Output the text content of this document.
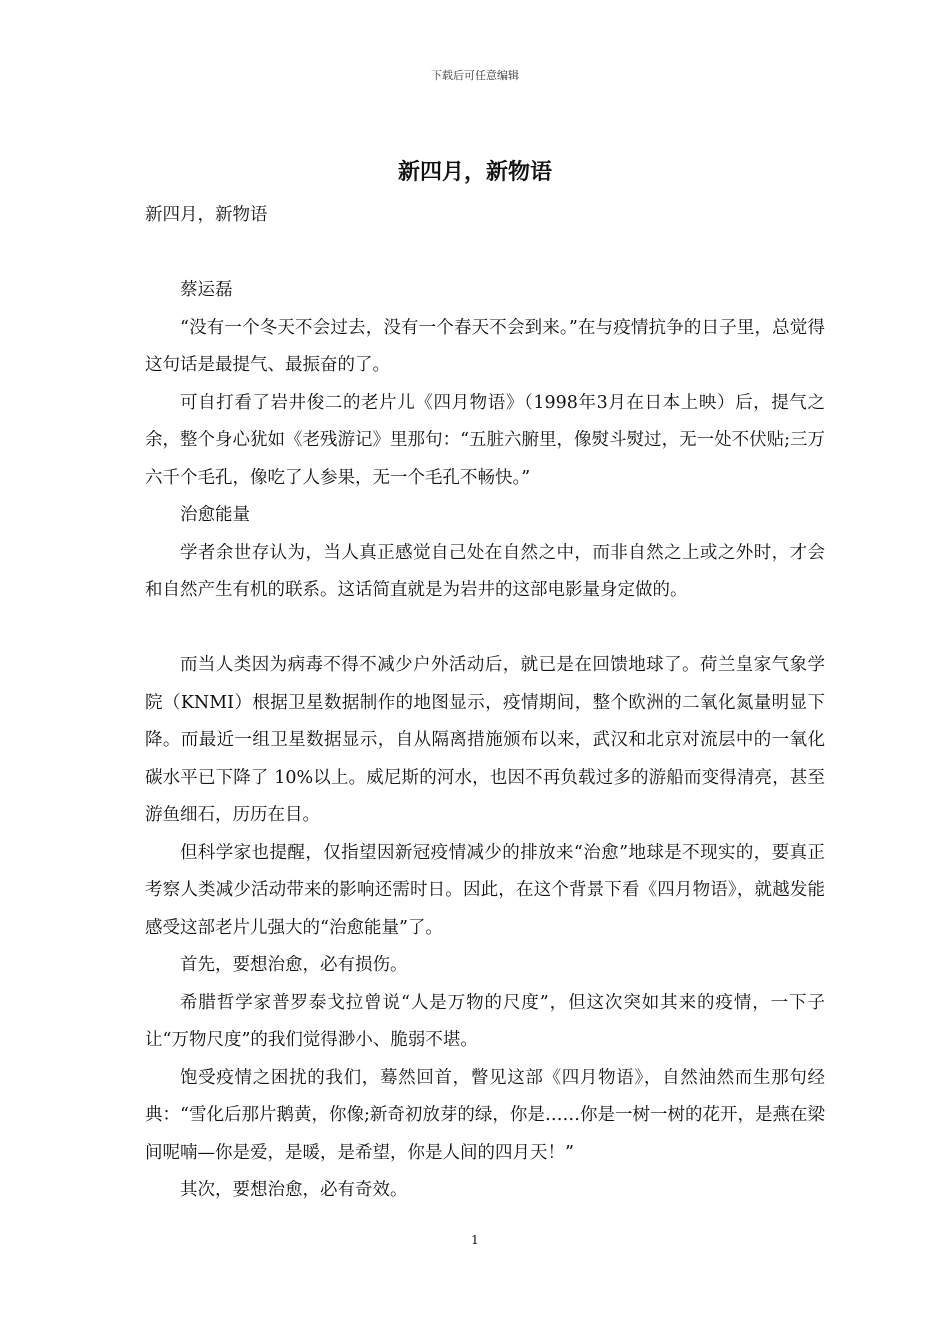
下载后可任意编辑
新四月，新物语

新四月，新物语

蔡运磊

“没有一个冬天不会过去，没有一个春天不会到来。”在与疫情抗争的日子里，总觉得这句话是最提气、最振奋的了。

可自打看了岩井俊二的老片儿《四月物语》（1998年3月在日本上映）后，提气之余，整个身心犹如《老残游记》里那句：“五脏六腑里，像熨斗熨过，无一处不伏贴;三万六千个毛孔，像吃了人参果，无一个毛孔不畅快。”

治愈能量

学者余世存认为，当人真正感觉自己处在自然之中，而非自然之上或之外时，才会和自然产生有机的联系。这话简直就是为岩井的这部电影量身定做的。

而当人类因为病毒不得不减少户外活动后，就已是在回馈地球了。荷兰皇家气象学院（KNMI）根据卫星数据制作的地图显示，疫情期间，整个欧洲的二氧化氮量明显下降。而最近一组卫星数据显示，自从隔离措施颁布以来，武汉和北京对流层中的一氧化碳水平已下降了 10%以上。威尼斯的河水，也因不再负载过多的游船而变得清亮，甚至游鱼细石，历历在目。

但科学家也提醒，仅指望因新冠疫情减少的排放来“治愈”地球是不现实的，要真正考察人类减少活动带来的影响还需时日。因此，在这个背景下看《四月物语》，就越发能感受这部老片儿强大的“治愈能量”了。

首先，要想治愈，必有损伤。

希腊哲学家普罗泰戈拉曾说“人是万物的尺度”，但这次突如其来的疫情，一下子让“万物尺度”的我们觉得渺小、脆弱不堪。

饱受疫情之困扰的我们，蓦然回首，瞥见这部《四月物语》，自然油然而生那句经典：“雪化后那片鹅黄，你像;新奇初放芽的绿，你是……你是一树一树的花开，是燕在梁间呢喃—你是爱，是暖，是希望，你是人间的四月天！”

其次，要想治愈，必有奇效。

1
